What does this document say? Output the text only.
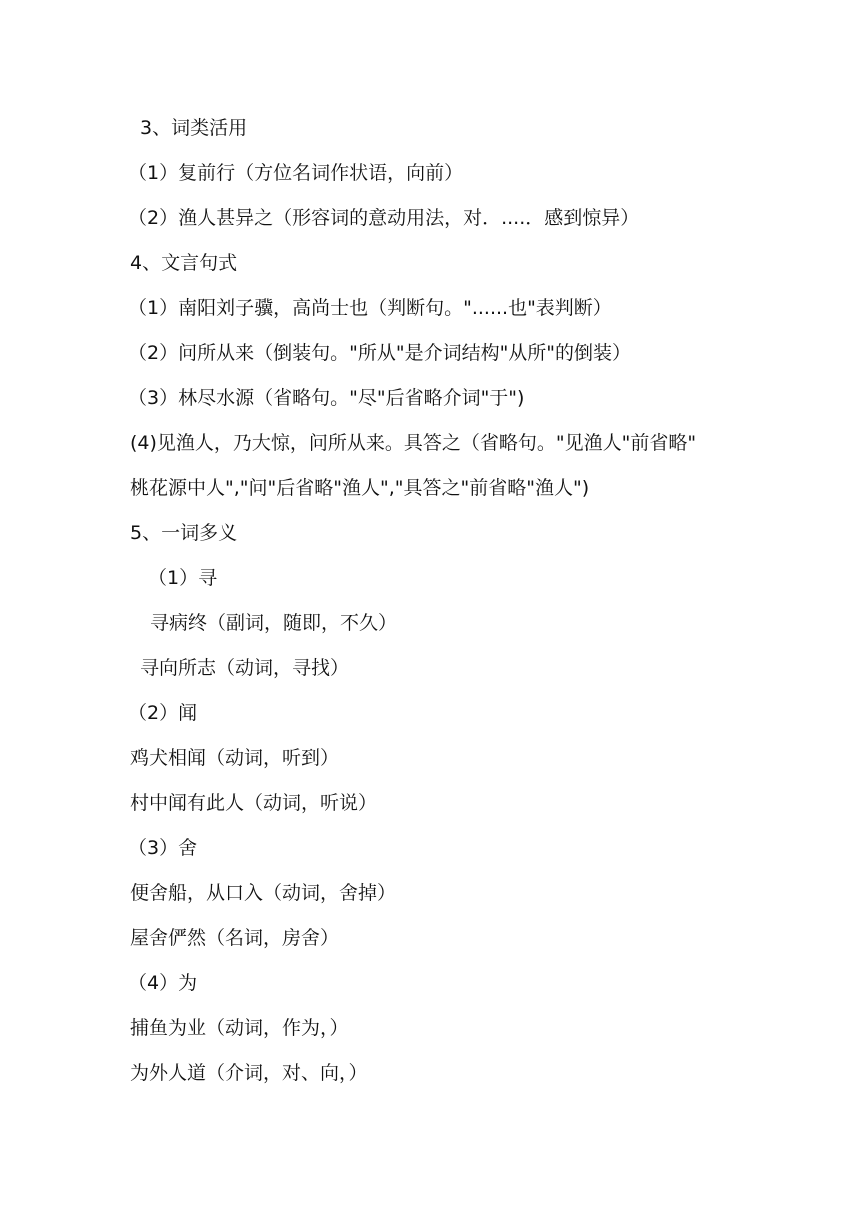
3、词类活用
（1）复前行（方位名词作状语，向前）
（2）渔人甚异之（形容词的意动用法，对．....．感到惊异）
4、文言句式
（1）南阳刘子骥，高尚士也（判断句。"......也"表判断）
（2）问所从来（倒装句。"所从"是介词结构"从所"的倒装）
（3）林尽水源（省略句。"尽"后省略介词"于")
(4)见渔人，乃大惊，问所从来。具答之（省略句。"见渔人"前省略"
桃花源中人","问"后省略"渔人","具答之"前省略"渔人")
5、一词多义
（1）寻
寻病终（副词，随即，不久）
寻向所志（动词，寻找）
（2）闻
鸡犬相闻（动词，听到）
村中闻有此人（动词，听说）
（3）舍
便舍船，从口入（动词，舍掉）
屋舍俨然（名词，房舍）
（4）为
捕鱼为业（动词，作为，）
为外人道（介词，对、向，）
